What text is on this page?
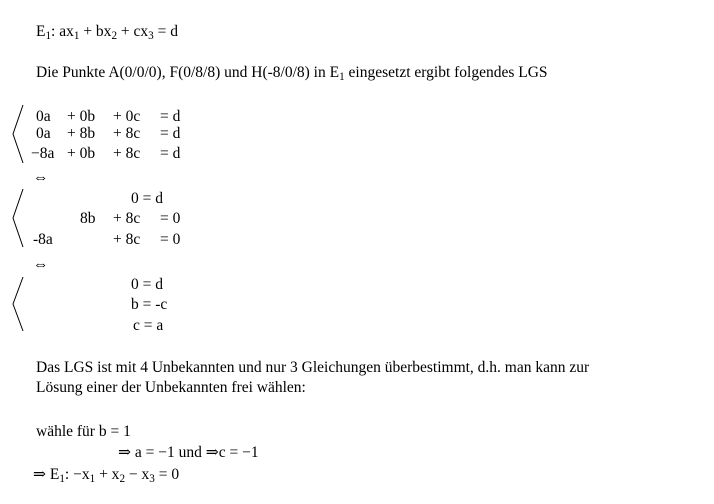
$E_1$: $ax_1 + bx_2 + cx_3 = d$
Die Punkte A(0/0/0), F(0/8/8) und H(-8/0/8) in $E_1$ eingesetzt ergibt folgendes LGS
0a + 0b + 0c = d
0a + 8b + 8c = d
−8a + 0b + 8c = d
⇔
0 = d
8b + 8c = 0
-8a	+ 8c = 0
⇔
0 = d
b = -c
c = a
Das LGS ist mit 4 Unbekannten und nur 3 Gleichungen überbestimmt, d.h. man kann zur
Lösung einer der Unbekannten frei wählen:
wähle für b = 1
⇒ a = −1 und ⇒c = −1
⇒ $E_1$: $-x_1 + x_2 - x_3 = 0$
